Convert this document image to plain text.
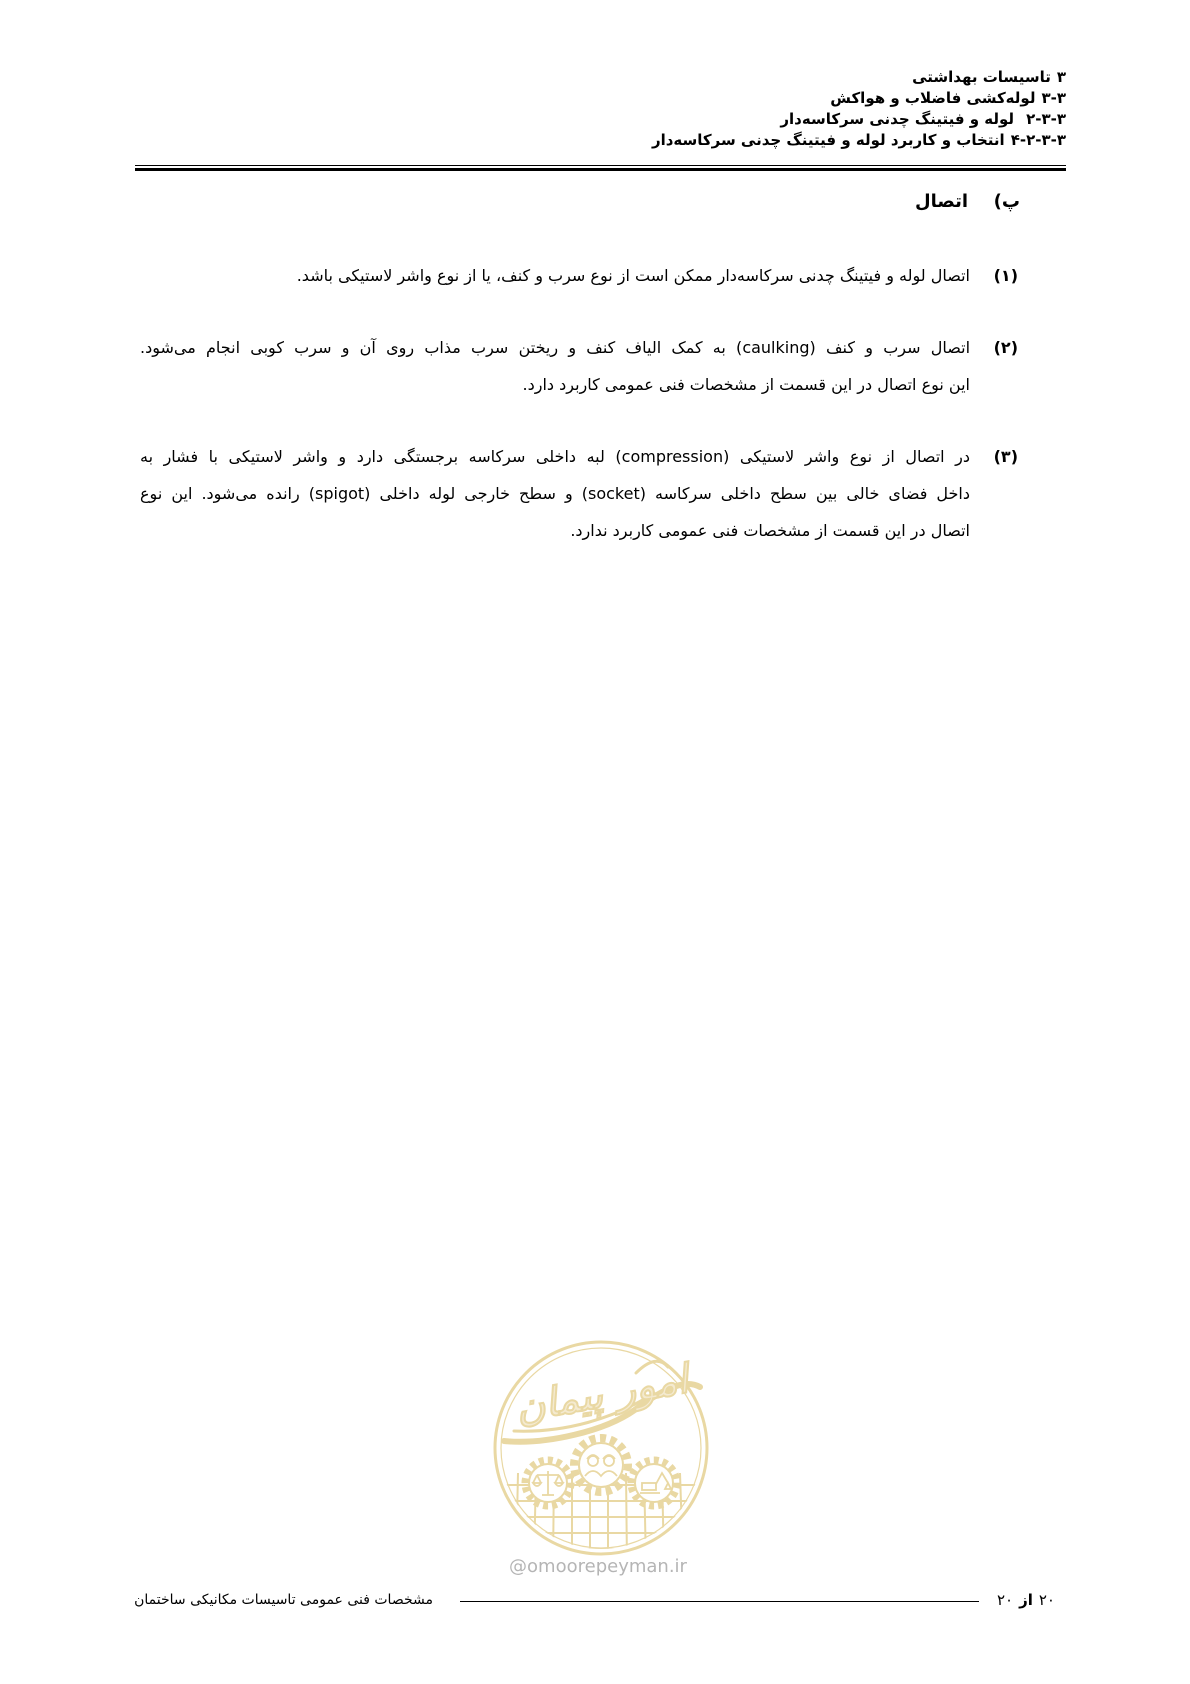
۳تاسیسات بهداشتی
۳-۳لوله‌کشی فاضلاب و هواکش
۳-۳-۲لوله و فیتینگ چدنی سرکاسه‌دار
۳-۳-۲-۴انتخاب و کاربرد لوله و فیتینگ چدنی سرکاسه‌دار
پ)
اتصال
(۱)
اتصال لوله و فیتینگ چدنی سرکاسه‌دار ممکن است از نوع سرب و کنف، یا از نوع واشر لاستیکی باشد.
(۲)
اتصال سرب و کنف (caulking) به کمک الیاف کنف و ریختن سرب مذاب روی آن و سرب کوبی انجام می‌شود.
این نوع اتصال در این قسمت از مشخصات فنی عمومی کاربرد دارد.
(۳)
در اتصال از نوع واشر لاستیکی (compression) لبه داخلی سرکاسه برجستگی دارد و واشر لاستیکی با فشار به
داخل فضای خالی بین سطح داخلی سرکاسه (socket) و سطح خارجی لوله داخلی (spigot) رانده می‌شود. این نوع
اتصال در این قسمت از مشخصات فنی عمومی کاربرد ندارد.
امور پیمان
@omoorepeyman.ir
۲۰از۲۰
مشخصات فنی عمومی تاسیسات مکانیکی ساختمان
